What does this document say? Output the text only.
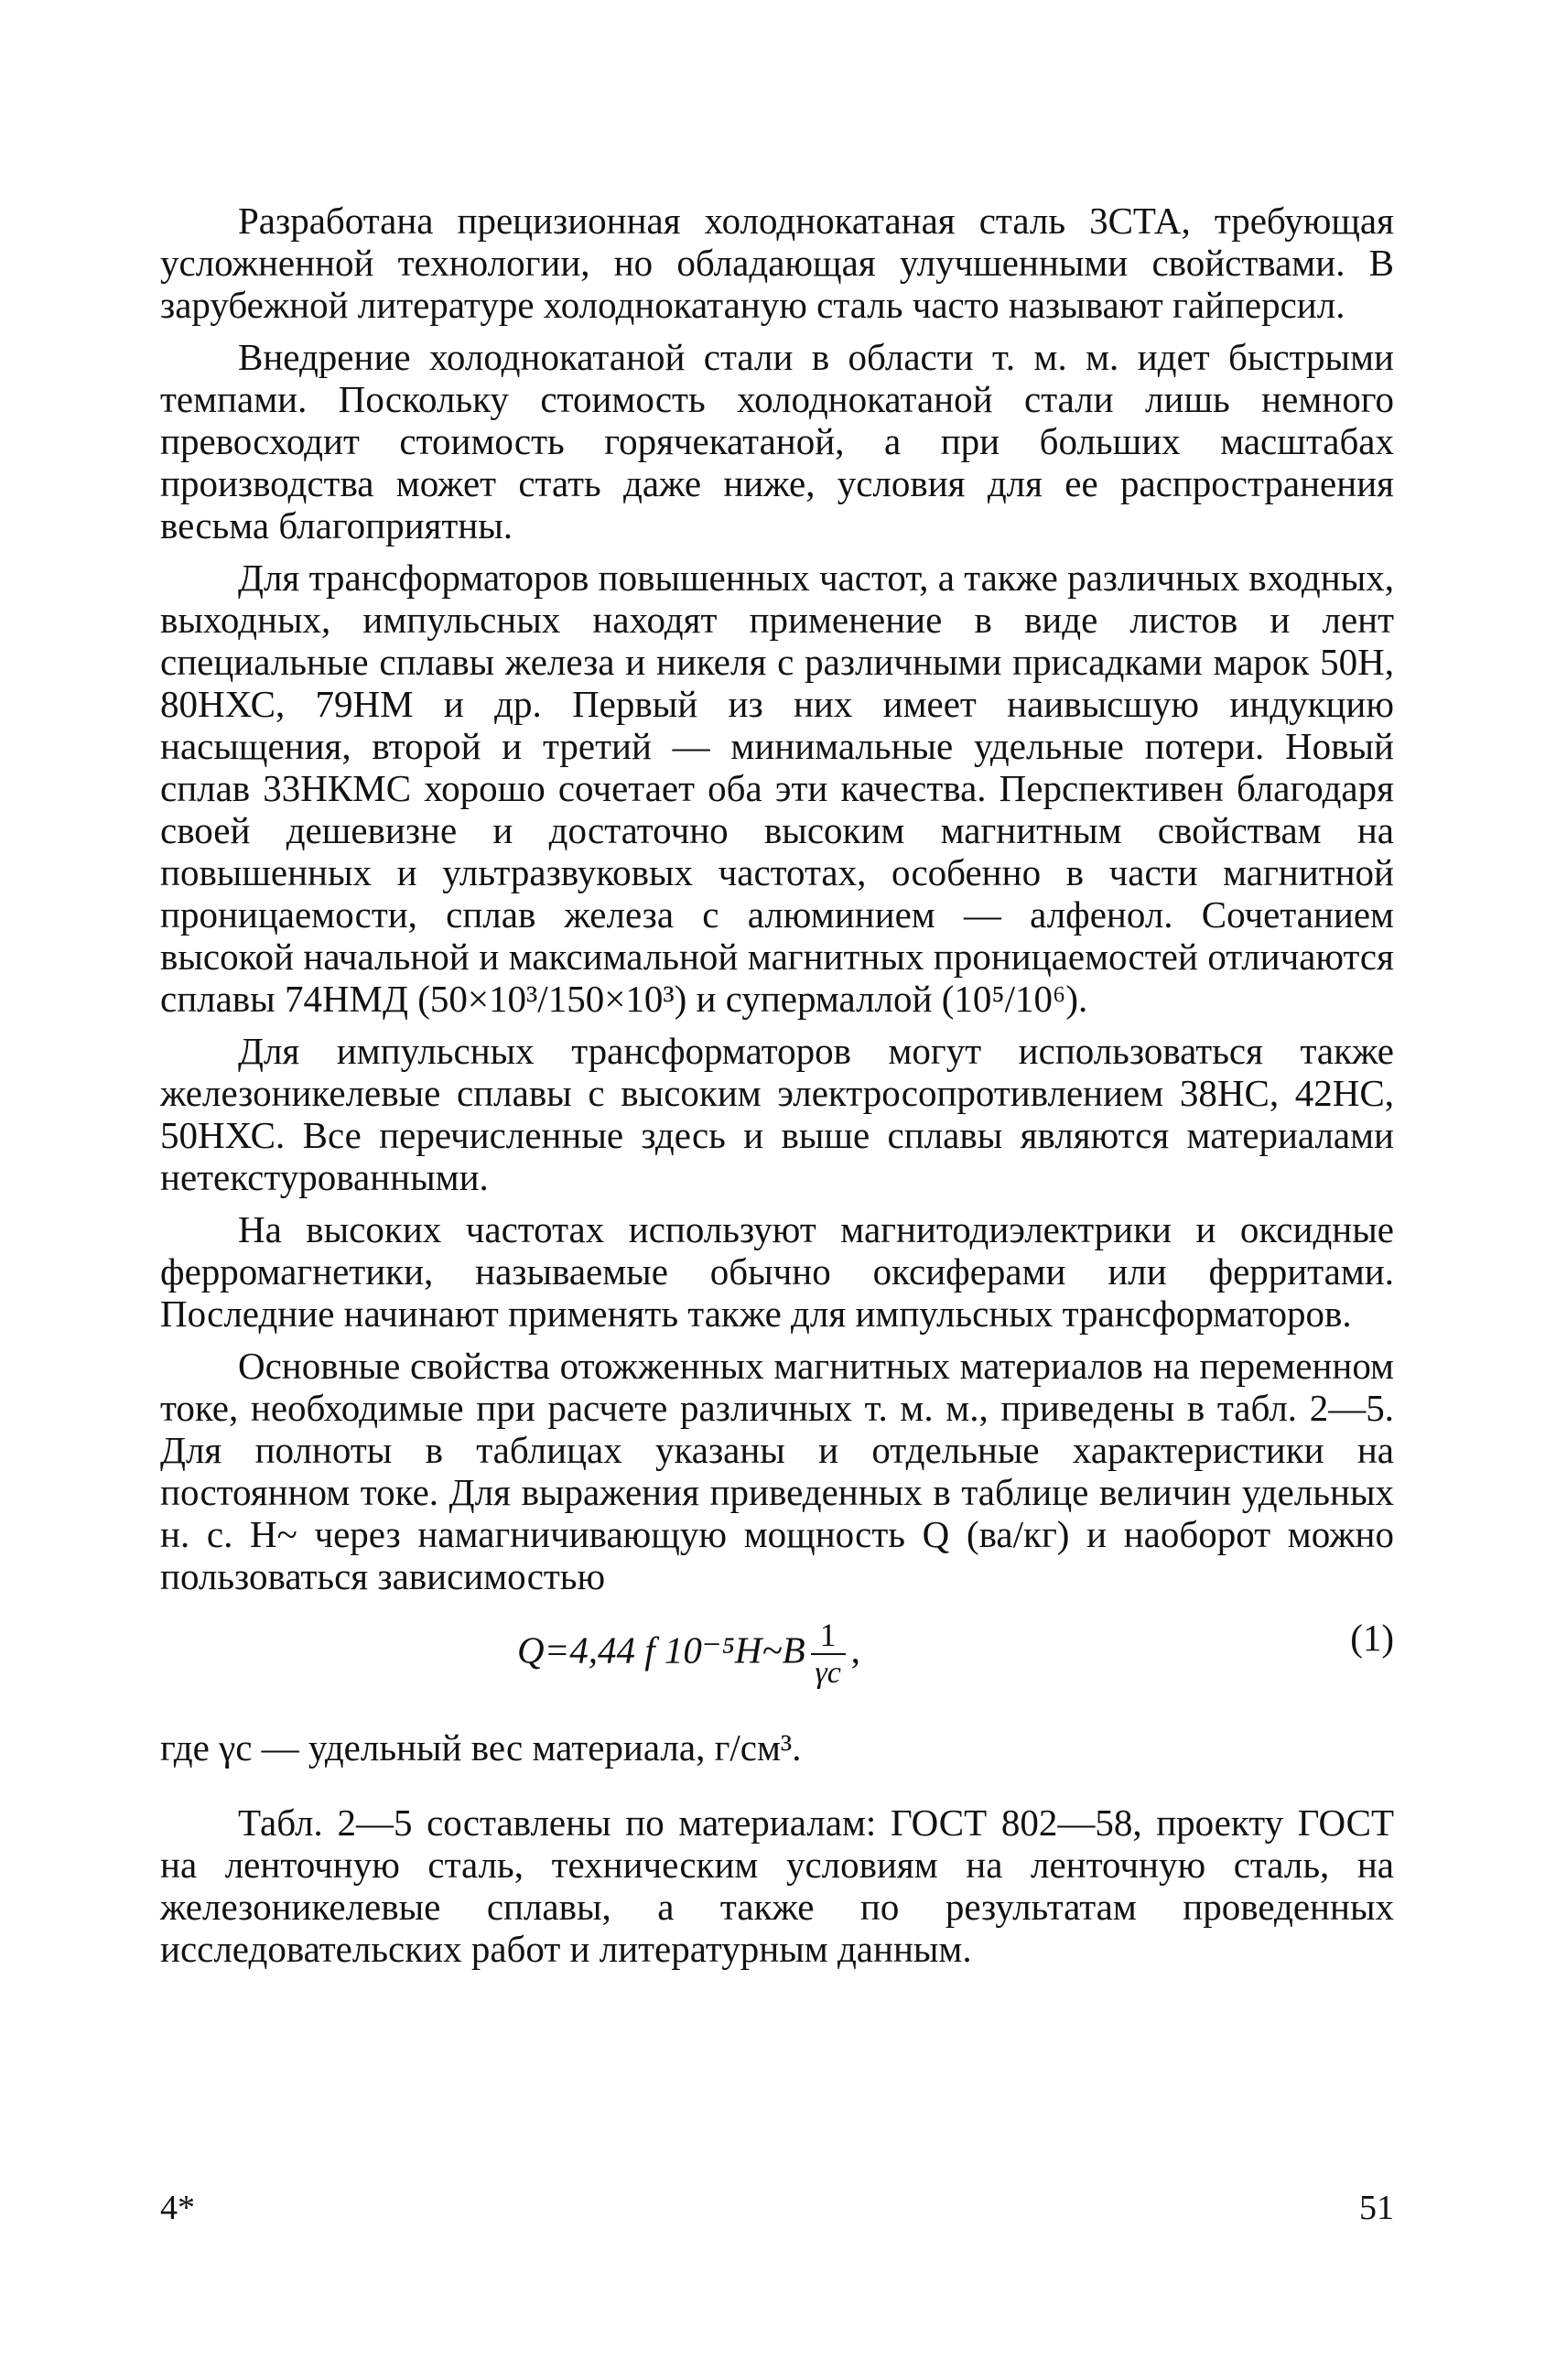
Разработана прецизионная холоднокатаная сталь 3СТА, требующая усложненной технологии, но обладающая улучшенными свойствами. В зарубежной литературе холоднокатаную сталь часто называют гайперсил.

Внедрение холоднокатаной стали в области т. м. м. идет быстрыми темпами. Поскольку стоимость холоднокатаной стали лишь немного превосходит стоимость горячекатаной, а при больших масштабах производства может стать даже ниже, условия для ее распространения весьма благоприятны.

Для трансформаторов повышенных частот, а также различных входных, выходных, импульсных находят применение в виде листов и лент специальные сплавы железа и никеля с различными присадками марок 50Н, 80НХС, 79НМ и др. Первый из них имеет наивысшую индукцию насыщения, второй и третий — минимальные удельные потери. Новый сплав 33НКМС хорошо сочетает оба эти качества. Перспективен благодаря своей дешевизне и достаточно высоким магнитным свойствам на повышенных и ультразвуковых частотах, особенно в части магнитной проницаемости, сплав железа с алюминием — алфенол. Сочетанием высокой начальной и максимальной магнитных проницаемостей отличаются сплавы 74НМД (50×10³/150×10³) и супермаллой (10⁵/10⁶).

Для импульсных трансформаторов могут использоваться также железоникелевые сплавы с высоким электросопротивлением 38НС, 42НС, 50НХС. Все перечисленные здесь и выше сплавы являются материалами нетекстурованными.

На высоких частотах используют магнитодиэлектрики и оксидные ферромагнетики, называемые обычно оксиферами или ферритами. Последние начинают применять также для импульсных трансформаторов.

Основные свойства отожженных магнитных материалов на переменном токе, необходимые при расчете различных т. м. м., приведены в табл. 2—5. Для полноты в таблицах указаны и отдельные характеристики на постоянном токе. Для выражения приведенных в таблице величин удельных н. с. H~ через намагничивающую мощность Q (ва/кг) и наоборот можно пользоваться зависимостью

Q=4,44 f 10⁻⁵H~B $\frac{1}{\gamma с}$ ,	(1)

где γс — удельный вес материала, г/см³.

Табл. 2—5 составлены по материалам: ГОСТ 802—58, проекту ГОСТ на ленточную сталь, техническим условиям на ленточную сталь, на железоникелевые сплавы, а также по результатам проведенных исследовательских работ и литературным данным.

4*	51
